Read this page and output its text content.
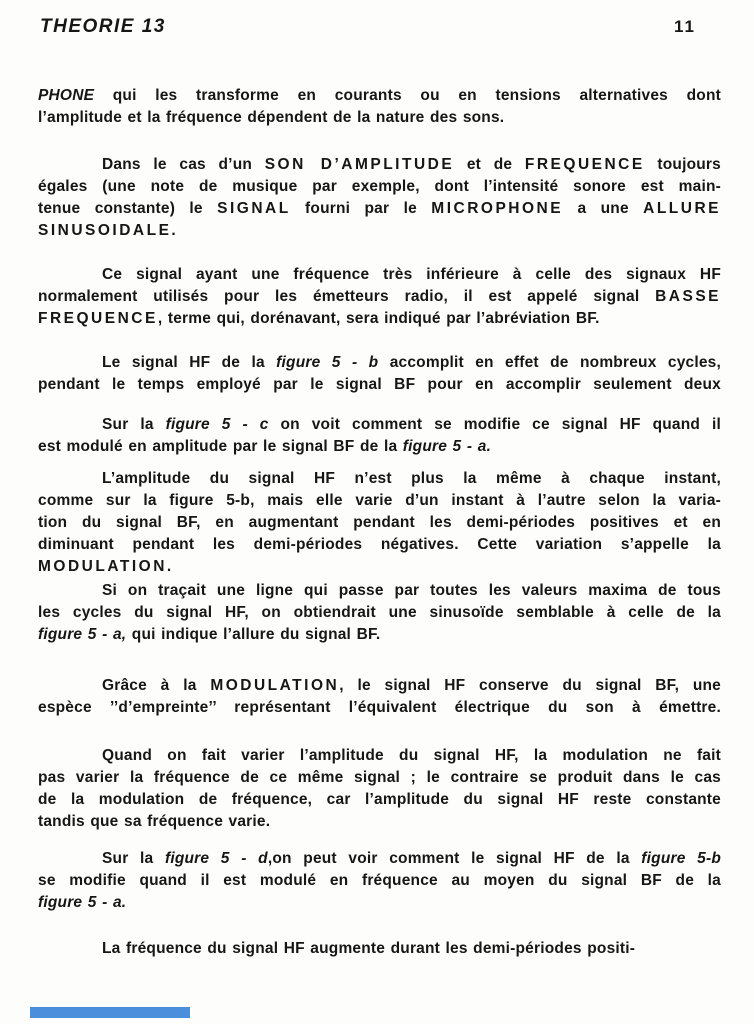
THEORIE 13	11
PHONE qui les transforme en courants ou en tensions alternatives dont
l’amplitude et la fréquence dépendent de la nature des sons.
Dans le cas d’un SON D’AMPLITUDE et de FREQUENCE toujours
égales (une note de musique par exemple, dont l’intensité sonore est main-
tenue constante) le SIGNAL fourni par le MICROPHONE a une ALLURE
SINUSOIDALE.
Ce signal ayant une fréquence très inférieure à celle des signaux HF
normalement utilisés pour les émetteurs radio, il est appelé signal BASSE
FREQUENCE, terme qui, dorénavant, sera indiqué par l’abréviation BF.
Le signal HF de la figure 5 - b accomplit en effet de nombreux cycles,
pendant le temps employé par le signal BF pour en accomplir seulement deux
Sur la figure 5 - c on voit comment se modifie ce signal HF quand il
est modulé en amplitude par le signal BF de la figure 5 - a.
L’amplitude du signal HF n’est plus la même à chaque instant,
comme sur la figure 5-b, mais elle varie d’un instant à l’autre selon la varia-
tion du signal BF, en augmentant pendant les demi-périodes positives et en
diminuant pendant les demi-périodes négatives. Cette variation s’appelle la
MODULATION.
Si on traçait une ligne qui passe par toutes les valeurs maxima de tous
les cycles du signal HF, on obtiendrait une sinusoïde semblable à celle de la
figure 5 - a, qui indique l’allure du signal BF.
Grâce à la MODULATION, le signal HF conserve du signal BF, une
espèce ’’d’empreinte’’ représentant l’équivalent électrique du son à émettre.
Quand on fait varier l’amplitude du signal HF, la modulation ne fait
pas varier la fréquence de ce même signal ; le contraire se produit dans le cas
de la modulation de fréquence, car l’amplitude du signal HF reste constante
tandis que sa fréquence varie.
Sur la figure 5 - d,on peut voir comment le signal HF de la figure 5-b
se modifie quand il est modulé en fréquence au moyen du signal BF de la
figure 5 - a.
La fréquence du signal HF augmente durant les demi-périodes positi-
